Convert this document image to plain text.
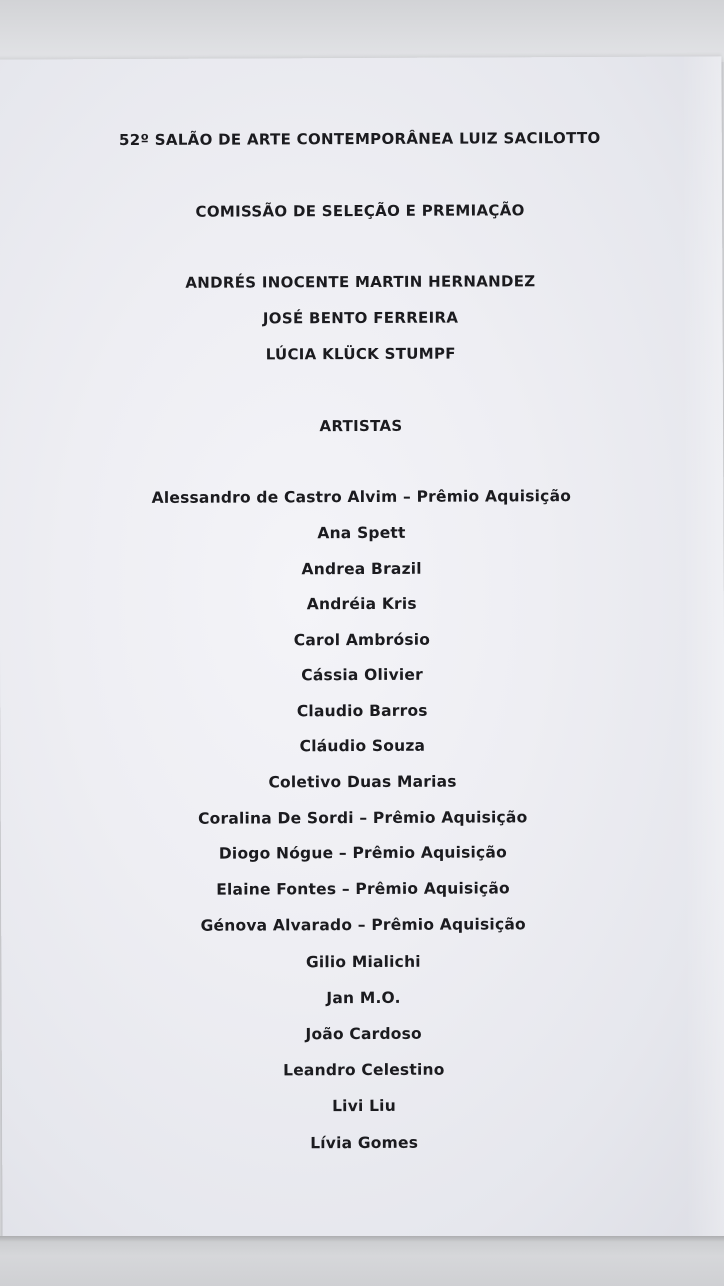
52º SALÃO DE ARTE CONTEMPORÂNEA LUIZ SACILOTTO
COMISSÃO DE SELEÇÃO E PREMIAÇÃO
ANDRÉS INOCENTE MARTIN HERNANDEZ
JOSÉ BENTO FERREIRA
LÚCIA KLÜCK STUMPF
ARTISTAS
Alessandro de Castro Alvim – Prêmio Aquisição
Ana Spett
Andrea Brazil
Andréia Kris
Carol Ambrósio
Cássia Olivier
Claudio Barros
Cláudio Souza
Coletivo Duas Marias
Coralina De Sordi – Prêmio Aquisição
Diogo Nógue – Prêmio Aquisição
Elaine Fontes – Prêmio Aquisição
Génova Alvarado – Prêmio Aquisição
Gilio Mialichi
Jan M.O.
João Cardoso
Leandro Celestino
Livi Liu
Lívia Gomes
